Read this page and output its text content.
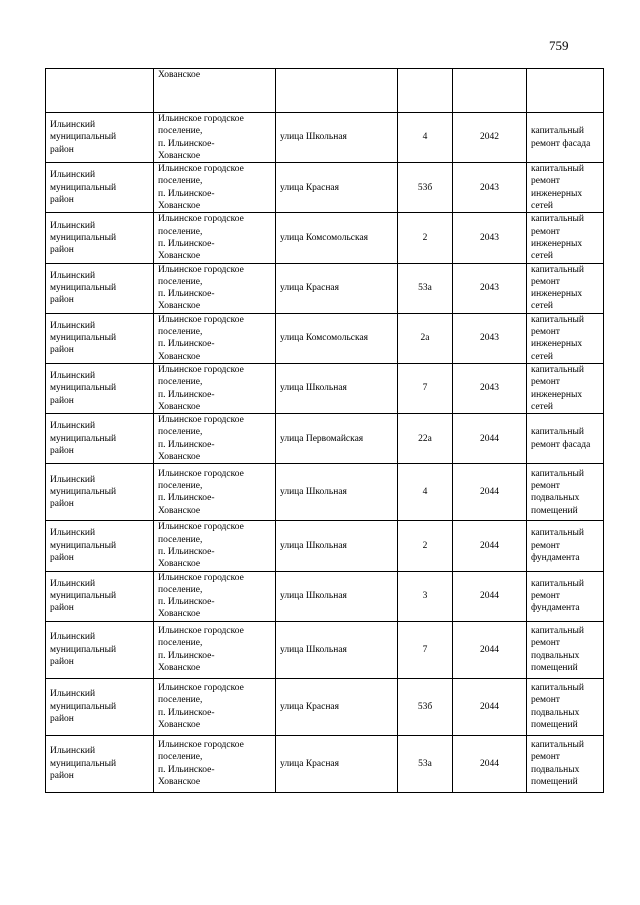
759

	Хованское				

Ильинский
муниципальный
район	Ильинское городское
поселение,
п. Ильинское-
Хованское	улица Школьная	4	2042	капитальный
ремонт фасада

Ильинский
муниципальный
район	Ильинское городское
поселение,
п. Ильинское-
Хованское	улица Красная	53б	2043	капитальный
ремонт
инженерных
сетей

Ильинский
муниципальный
район	Ильинское городское
поселение,
п. Ильинское-
Хованское	улица Комсомольская	2	2043	капитальный
ремонт
инженерных
сетей

Ильинский
муниципальный
район	Ильинское городское
поселение,
п. Ильинское-
Хованское	улица Красная	53а	2043	капитальный
ремонт
инженерных
сетей

Ильинский
муниципальный
район	Ильинское городское
поселение,
п. Ильинское-
Хованское	улица Комсомольская	2а	2043	капитальный
ремонт
инженерных
сетей

Ильинский
муниципальный
район	Ильинское городское
поселение,
п. Ильинское-
Хованское	улица Школьная	7	2043	капитальный
ремонт
инженерных
сетей

Ильинский
муниципальный
район	Ильинское городское
поселение,
п. Ильинское-
Хованское	улица Первомайская	22а	2044	капитальный
ремонт фасада

Ильинский
муниципальный
район	Ильинское городское
поселение,
п. Ильинское-
Хованское	улица Школьная	4	2044	капитальный
ремонт
подвальных
помещений

Ильинский
муниципальный
район	Ильинское городское
поселение,
п. Ильинское-
Хованское	улица Школьная	2	2044	капитальный
ремонт
фундамента

Ильинский
муниципальный
район	Ильинское городское
поселение,
п. Ильинское-
Хованское	улица Школьная	3	2044	капитальный
ремонт
фундамента

Ильинский
муниципальный
район	Ильинское городское
поселение,
п. Ильинское-
Хованское	улица Школьная	7	2044	капитальный
ремонт
подвальных
помещений

Ильинский
муниципальный
район	Ильинское городское
поселение,
п. Ильинское-
Хованское	улица Красная	53б	2044	капитальный
ремонт
подвальных
помещений

Ильинский
муниципальный
район	Ильинское городское
поселение,
п. Ильинское-
Хованское	улица Красная	53а	2044	капитальный
ремонт
подвальных
помещений
